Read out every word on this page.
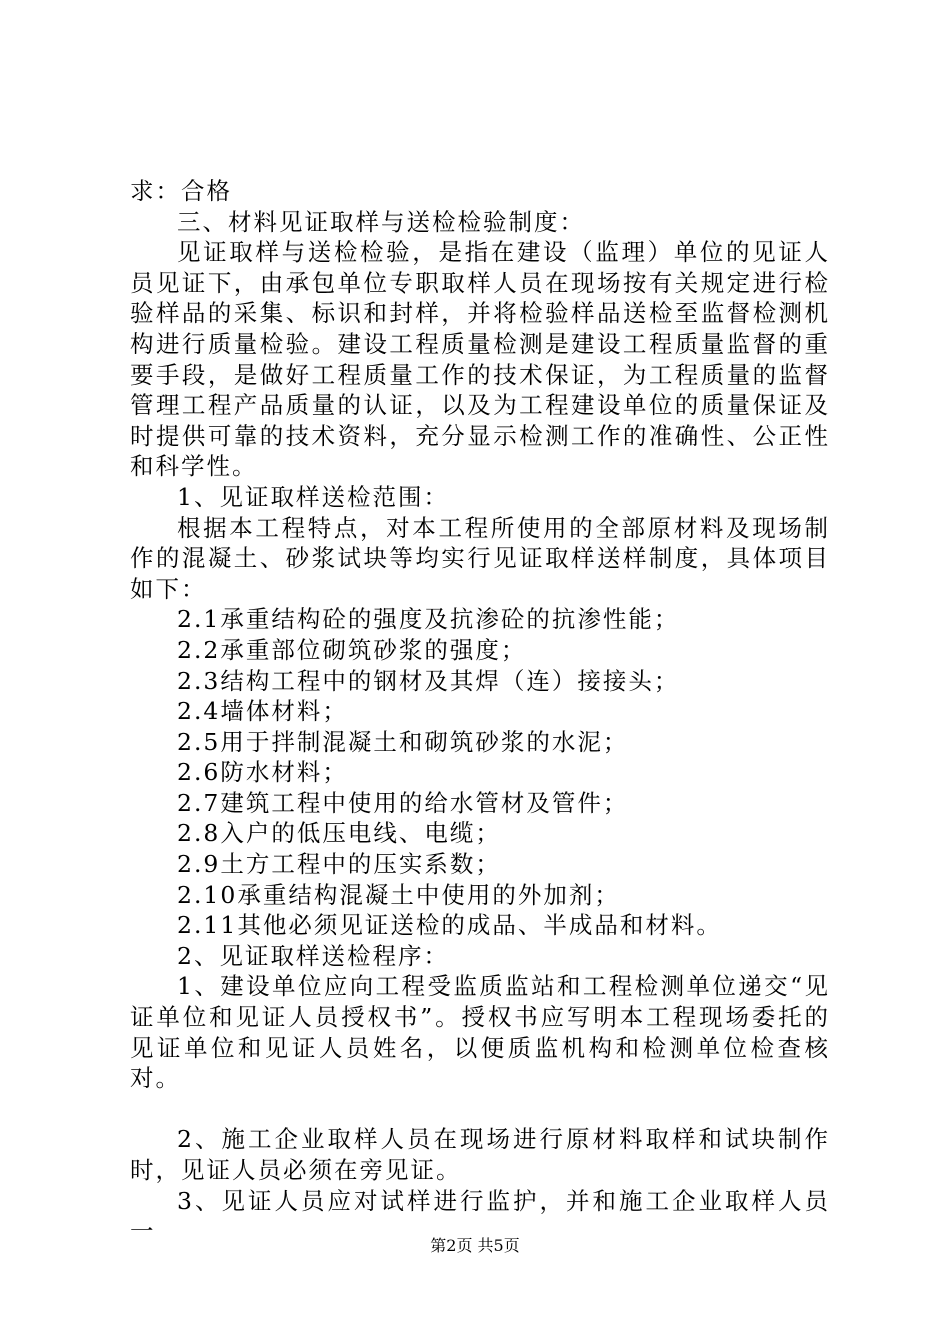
求：合格

三、材料见证取样与送检检验制度：

见证取样与送检检验，是指在建设（监理）单位的见证人员见证下，由承包单位专职取样人员在现场按有关规定进行检验样品的采集、标识和封样，并将检验样品送检至监督检测机构进行质量检验。建设工程质量检测是建设工程质量监督的重要手段，是做好工程质量工作的技术保证，为工程质量的监督管理工程产品质量的认证，以及为工程建设单位的质量保证及时提供可靠的技术资料，充分显示检测工作的准确性、公正性和科学性。

1、见证取样送检范围：

根据本工程特点，对本工程所使用的全部原材料及现场制作的混凝土、砂浆试块等均实行见证取样送样制度，具体项目如下：

2.1承重结构砼的强度及抗渗砼的抗渗性能；

2.2承重部位砌筑砂浆的强度；

2.3结构工程中的钢材及其焊（连）接接头；

2.4墙体材料；

2.5用于拌制混凝土和砌筑砂浆的水泥；

2.6防水材料；

2.7建筑工程中使用的给水管材及管件；

2.8入户的低压电线、电缆；

2.9土方工程中的压实系数；

2.10承重结构混凝土中使用的外加剂；

2.11其他必须见证送检的成品、半成品和材料。

2、见证取样送检程序：

1、建设单位应向工程受监质监站和工程检测单位递交“见证单位和见证人员授权书”。授权书应写明本工程现场委托的见证单位和见证人员姓名，以便质监机构和检测单位检查核对。

2、施工企业取样人员在现场进行原材料取样和试块制作时，见证人员必须在旁见证。

3、见证人员应对试样进行监护，并和施工企业取样人员一

第2页 共5页
